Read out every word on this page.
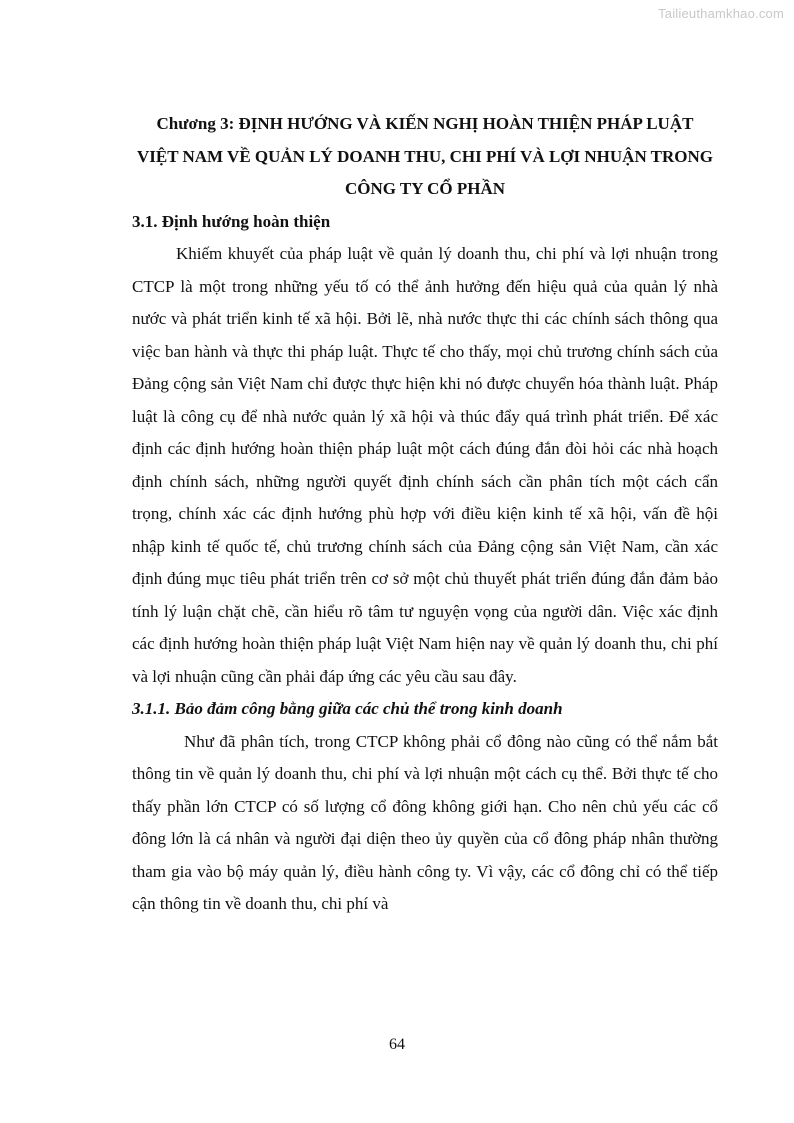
Tailieuthamkhao.com
Chương 3: ĐỊNH HƯỚNG VÀ KIẾN NGHỊ HOÀN THIỆN PHÁP LUẬT VIỆT NAM VỀ QUẢN LÝ DOANH THU, CHI PHÍ VÀ LỢI NHUẬN TRONG CÔNG TY CỔ PHẦN
3.1. Định hướng hoàn thiện

Khiếm khuyết của pháp luật về quản lý doanh thu, chi phí và lợi nhuận trong CTCP là một trong những yếu tố có thể ảnh hưởng đến hiệu quả của quản lý nhà nước và phát triển kinh tế xã hội. Bởi lẽ, nhà nước thực thi các chính sách thông qua việc ban hành và thực thi pháp luật. Thực tế cho thấy, mọi chủ trương chính sách của Đảng cộng sản Việt Nam chỉ được thực hiện khi nó được chuyển hóa thành luật. Pháp luật là công cụ để nhà nước quản lý xã hội và thúc đẩy quá trình phát triển. Để xác định các định hướng hoàn thiện pháp luật một cách đúng đắn đòi hỏi các nhà hoạch định chính sách, những người quyết định chính sách cần phân tích một cách cẩn trọng, chính xác các định hướng phù hợp với điều kiện kinh tế xã hội, vấn đề hội nhập kinh tế quốc tế, chủ trương chính sách của Đảng cộng sản Việt Nam, cần xác định đúng mục tiêu phát triển trên cơ sở một chủ thuyết phát triển đúng đắn đảm bảo tính lý luận chặt chẽ, cần hiểu rõ tâm tư nguyện vọng của người dân. Việc xác định các định hướng hoàn thiện pháp luật Việt Nam hiện nay về quản lý doanh thu, chi phí và lợi nhuận cũng cần phải đáp ứng các yêu cầu sau đây.

3.1.1. Bảo đảm công bằng giữa các chủ thể trong kinh doanh

Như đã phân tích, trong CTCP không phải cổ đông nào cũng có thể nắm bắt thông tin về quản lý doanh thu, chi phí và lợi nhuận một cách cụ thể. Bởi thực tế cho thấy phần lớn CTCP có số lượng cổ đông không giới hạn. Cho nên chủ yếu các cổ đông lớn là cá nhân và người đại diện theo ủy quyền của cổ đông pháp nhân thường tham gia vào bộ máy quản lý, điều hành công ty. Vì vậy, các cổ đông chỉ có thể tiếp cận thông tin về doanh thu, chi phí và

64
